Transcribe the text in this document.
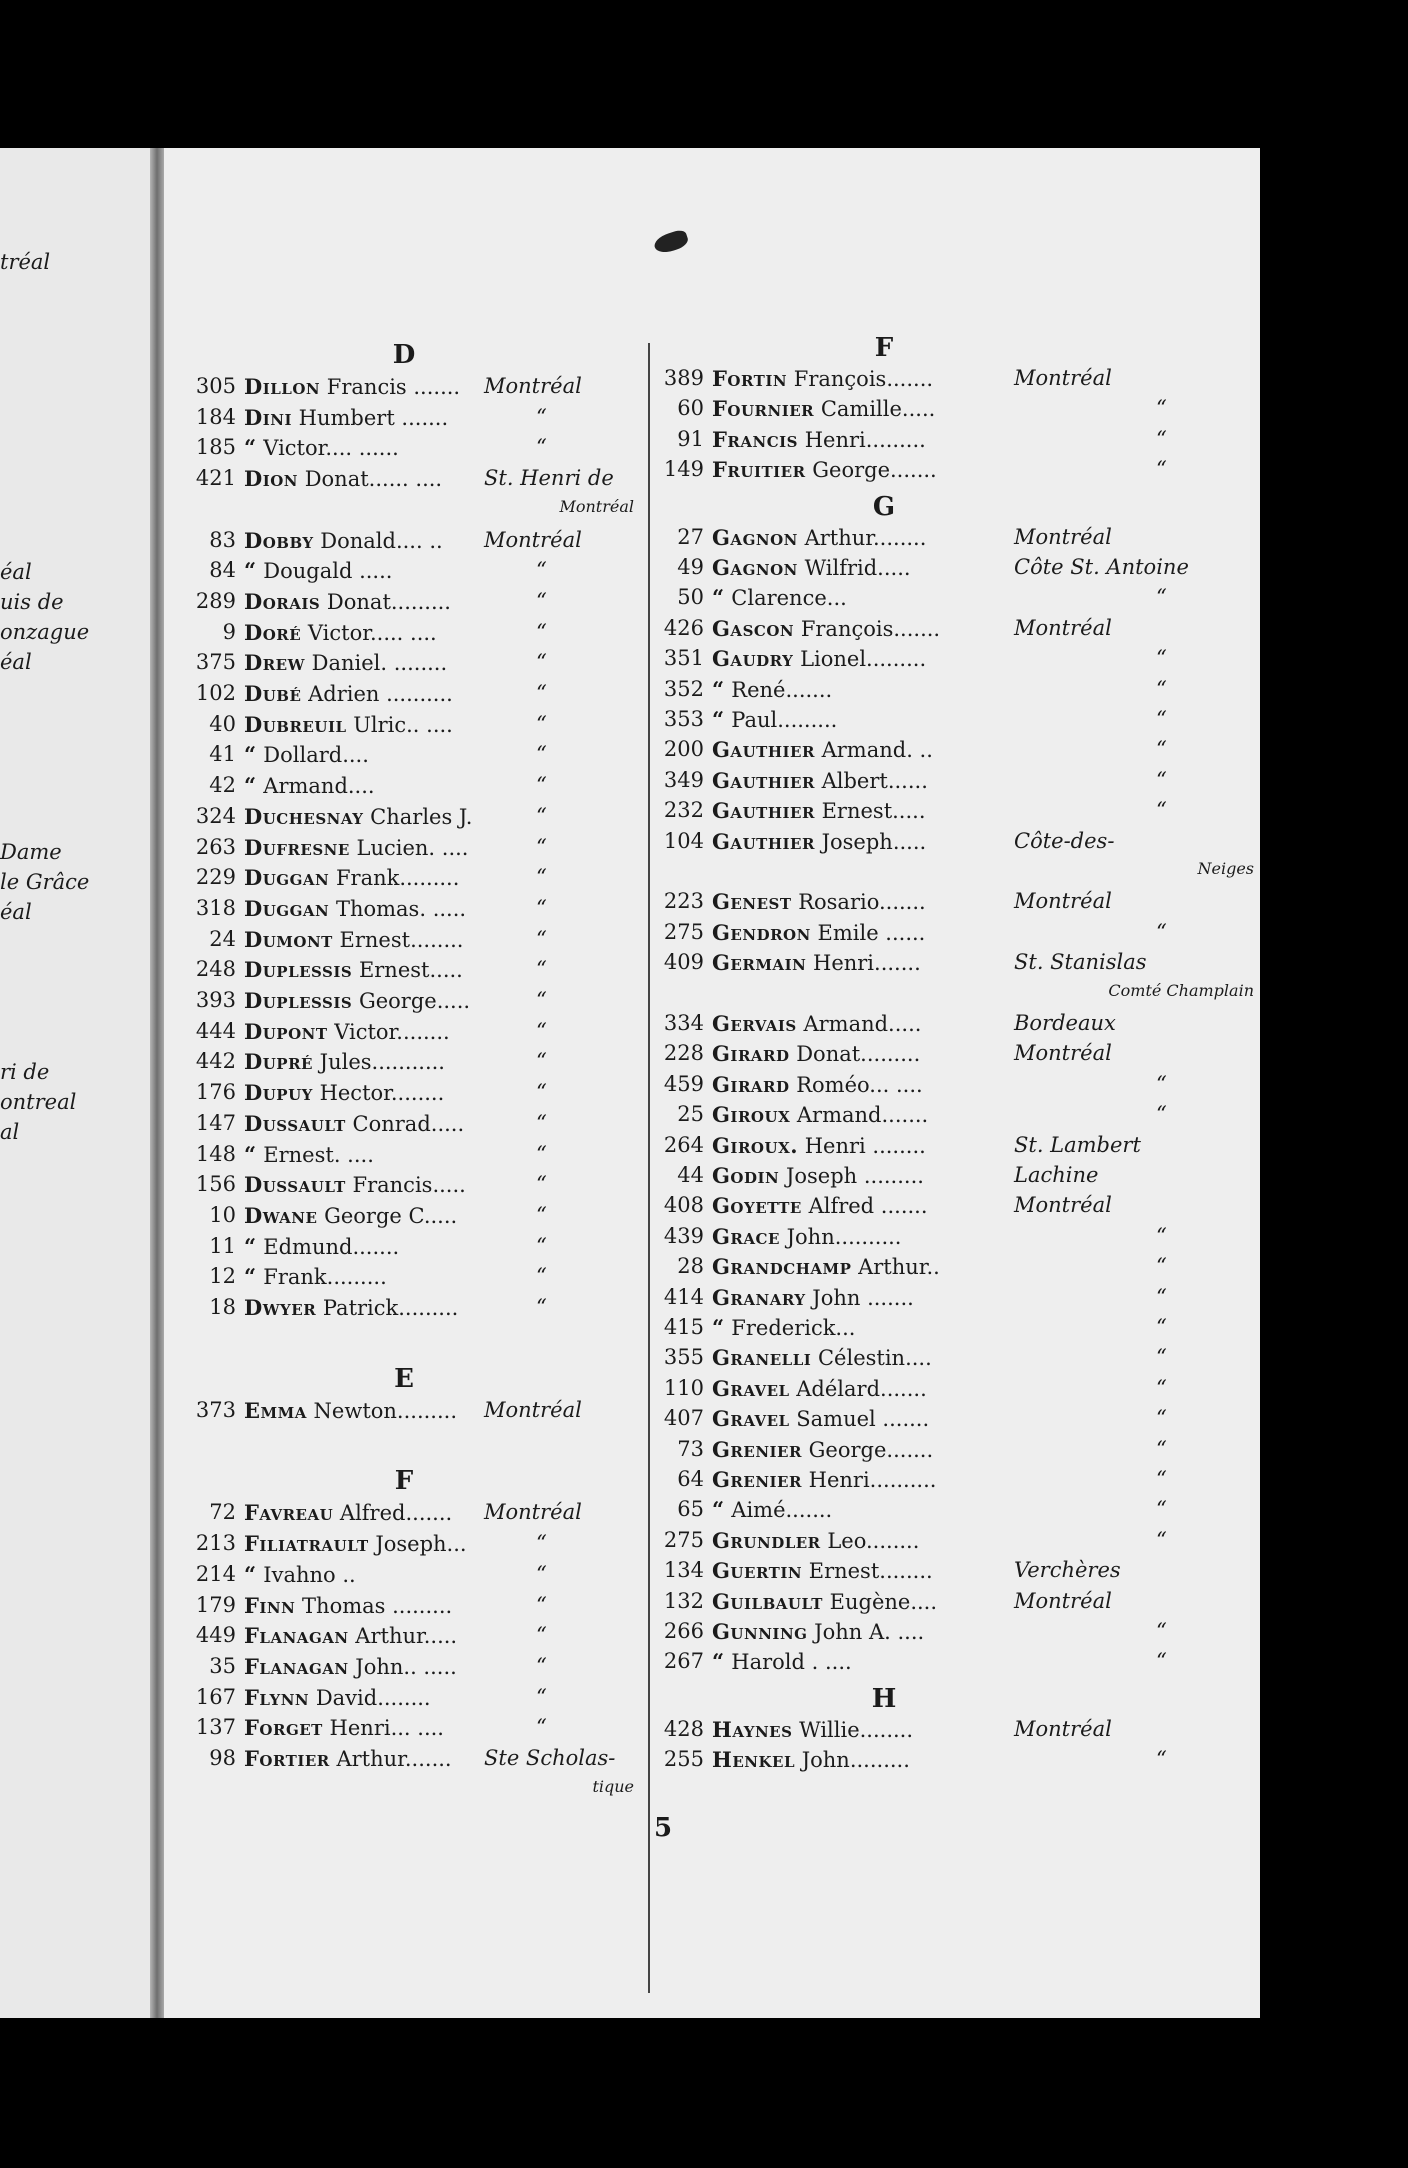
tréal
éal
uis de
onzague
éal
Dame
le Grâce
éal
ri de
ontreal
al
D
305 Dillon Francis ....... Montréal
184 Dini Humbert .......	“
185 “ Victor.... ......	“
421 Dion Donat...... .... St. Henri de
Montréal
83 Dobby Donald.... .. Montréal
84 “ Dougald .....	“
289 Dorais Donat.........	“
9 Doré Victor..... ....	“
375 Drew Daniel. ........	“
102 Dubé Adrien ..........	“
40 Dubreuil Ulric.. ....	“
41 “ Dollard....	“
42 “ Armand....	“
324 Duchesnay Charles J.	“
263 Dufresne Lucien. ....	“
229 Duggan Frank.........	“
318 Duggan Thomas. .....	“
24 Dumont Ernest........	“
248 Duplessis Ernest.....	“
393 Duplessis George.....	“
444 Dupont Victor........	“
442 Dupré Jules...........	“
176 Dupuy Hector........	“
147 Dussault Conrad.....	“
148 “ Ernest. ....	“
156 Dussault Francis.....	“
10 Dwane George C.....	“
11 “ Edmund.......	“
12 “ Frank.........	“
18 Dwyer Patrick.........	“
E
373 Emma Newton......... Montréal
F
72 Favreau Alfred....... Montréal
213 Filiatrault Joseph...	“
214 “ Ivahno ..	“
179 Finn Thomas .........	“
449 Flanagan Arthur.....	“
35 Flanagan John.. .....	“
167 Flynn David........	“
137 Forget Henri... ....	“
98 Fortier Arthur....... Ste Scholas-
tique
F
389 Fortin François.......	Montréal
60 Fournier Camille.....	“
91 Francis Henri.........	“
149 Fruitier George.......	“
G
27 Gagnon Arthur........	Montréal
49 Gagnon Wilfrid.....	Côte St. Antoine
50 “ Clarence...	“
426 Gascon François.......	Montréal
351 Gaudry Lionel.........	“
352 “ René.......	“
353 “ Paul.........	“
200 Gauthier Armand. ..	“
349 Gauthier Albert......	“
232 Gauthier Ernest.....	“
104 Gauthier Joseph.....	Côte-des-
Neiges
223 Genest Rosario.......	Montréal
275 Gendron Emile ......	“
409 Germain Henri.......	St. Stanislas
Comté Champlain
334 Gervais Armand.....	Bordeaux
228 Girard Donat.........	Montréal
459 Girard Roméo... ....	“
25 Giroux Armand.......	“
264 Giroux. Henri ........	St. Lambert
44 Godin Joseph .........	Lachine
408 Goyette Alfred .......	Montréal
439 Grace John..........	“
28 Grandchamp Arthur..	“
414 Granary John .......	“
415 “ Frederick...	“
355 Granelli Célestin....	“
110 Gravel Adélard.......	“
407 Gravel Samuel .......	“
73 Grenier George.......	“
64 Grenier Henri..........	“
65 “ Aimé.......	“
275 Grundler Leo........	“
134 Guertin Ernest........	Verchères
132 Guilbault Eugène....	Montréal
266 Gunning John A. ....	“
267 “ Harold . ....	“
H
428 Haynes Willie........	Montréal
255 Henkel John.........	“
5
